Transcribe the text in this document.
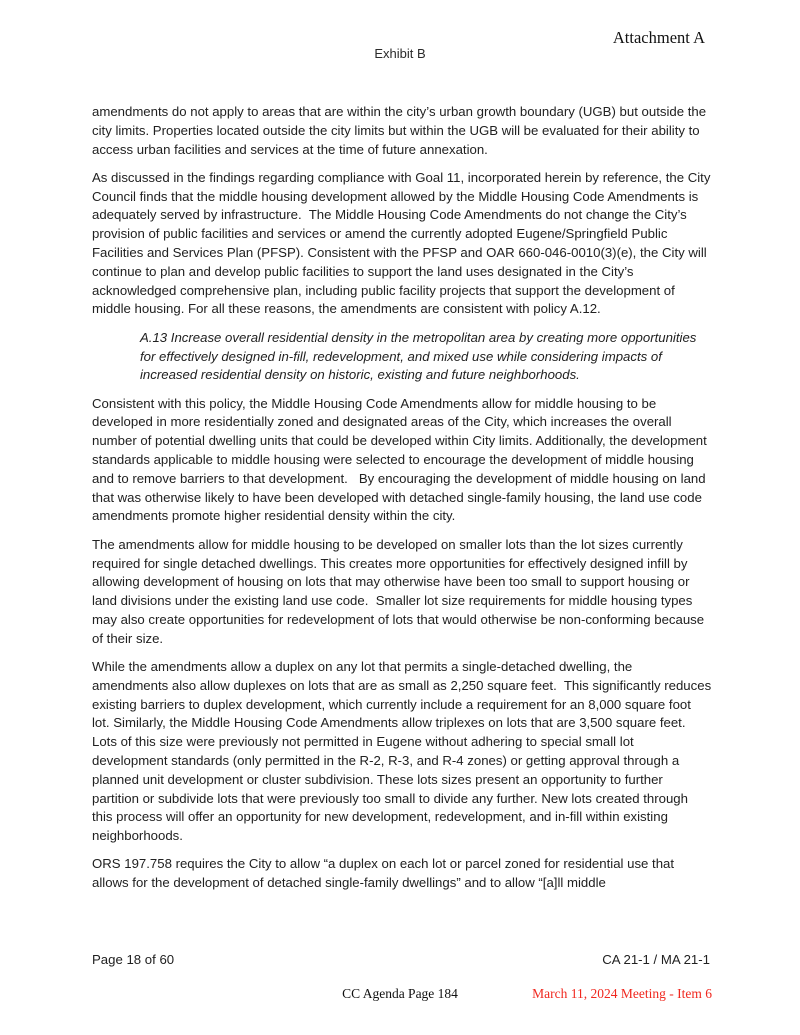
Attachment A
Exhibit B

amendments do not apply to areas that are within the city’s urban growth boundary (UGB) but outside the city limits. Properties located outside the city limits but within the UGB will be evaluated for their ability to access urban facilities and services at the time of future annexation.

As discussed in the findings regarding compliance with Goal 11, incorporated herein by reference, the City Council finds that the middle housing development allowed by the Middle Housing Code Amendments is adequately served by infrastructure.  The Middle Housing Code Amendments do not change the City’s provision of public facilities and services or amend the currently adopted Eugene/Springfield Public Facilities and Services Plan (PFSP). Consistent with the PFSP and OAR 660-046-0010(3)(e), the City will continue to plan and develop public facilities to support the land uses designated in the City’s acknowledged comprehensive plan, including public facility projects that support the development of middle housing. For all these reasons, the amendments are consistent with policy A.12.

A.13 Increase overall residential density in the metropolitan area by creating more opportunities for effectively designed in-fill, redevelopment, and mixed use while considering impacts of increased residential density on historic, existing and future neighborhoods.

Consistent with this policy, the Middle Housing Code Amendments allow for middle housing to be developed in more residentially zoned and designated areas of the City, which increases the overall number of potential dwelling units that could be developed within City limits. Additionally, the development standards applicable to middle housing were selected to encourage the development of middle housing and to remove barriers to that development.   By encouraging the development of middle housing on land that was otherwise likely to have been developed with detached single-family housing, the land use code amendments promote higher residential density within the city.

The amendments allow for middle housing to be developed on smaller lots than the lot sizes currently required for single detached dwellings. This creates more opportunities for effectively designed infill by allowing development of housing on lots that may otherwise have been too small to support housing or land divisions under the existing land use code.  Smaller lot size requirements for middle housing types may also create opportunities for redevelopment of lots that would otherwise be non-conforming because of their size.

While the amendments allow a duplex on any lot that permits a single-detached dwelling, the amendments also allow duplexes on lots that are as small as 2,250 square feet.  This significantly reduces existing barriers to duplex development, which currently include a requirement for an 8,000 square foot lot. Similarly, the Middle Housing Code Amendments allow triplexes on lots that are 3,500 square feet. Lots of this size were previously not permitted in Eugene without adhering to special small lot development standards (only permitted in the R-2, R-3, and R-4 zones) or getting approval through a planned unit development or cluster subdivision. These lots sizes present an opportunity to further partition or subdivide lots that were previously too small to divide any further. New lots created through this process will offer an opportunity for new development, redevelopment, and in-fill within existing neighborhoods.

ORS 197.758 requires the City to allow “a duplex on each lot or parcel zoned for residential use that allows for the development of detached single-family dwellings” and to allow “[a]ll middle

Page 18 of 60	CA 21-1 / MA 21-1
CC Agenda Page 184	March 11, 2024 Meeting - Item 6
